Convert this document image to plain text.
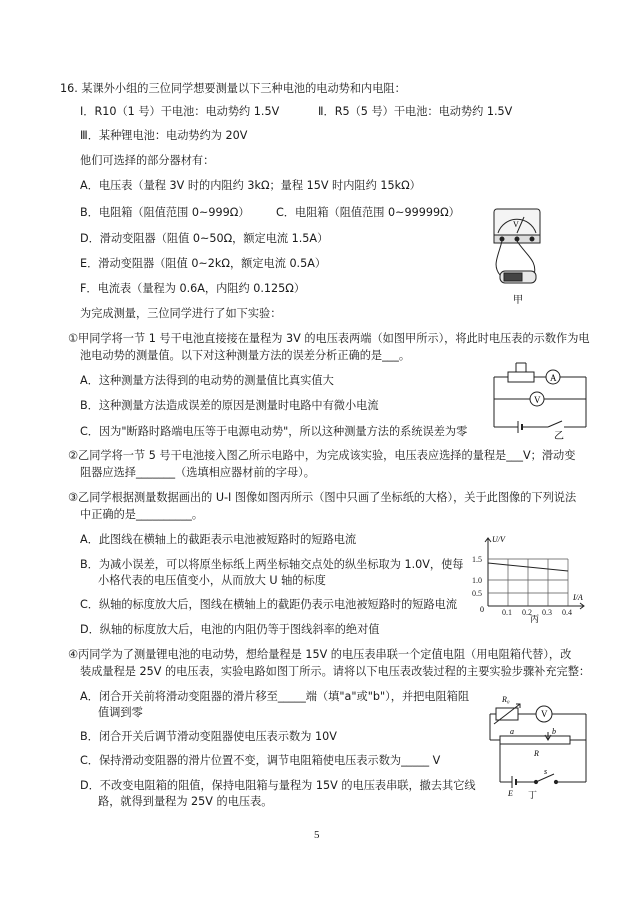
16. 某课外小组的三位同学想要测量以下三种电池的电动势和内电阻：
Ⅰ．R10（1 号）干电池：电动势约 1.5V	Ⅱ．R5（5 号）干电池：电动势约 1.5V
Ⅲ．某种锂电池：电动势约为 20V
他们可选择的部分器材有：
A．电压表（量程 3V 时的内阻约 3kΩ；量程 15V 时内阻约 15kΩ）
B．电阻箱（阻值范围 0~999Ω） C．电阻箱（阻值范围 0~99999Ω）
D．滑动变阻器（阻值 0~50Ω，额定电流 1.5A）
E．滑动变阻器（阻值 0~2kΩ，额定电流 0.5A）
F．电流表（量程为 0.6A，内阻约 0.125Ω）
为完成测量，三位同学进行了如下实验：
①甲同学将一节 1 号干电池直接接在量程为 3V 的电压表两端（如图甲所示），将此时电压表的示数作为电
池电动势的测量值。以下对这种测量方法的误差分析正确的是___。
A．这种测量方法得到的电动势的测量值比真实值大
B．这种测量方法造成误差的原因是测量时电路中有微小电流
C．因为"断路时路端电压等于电源电动势"，所以这种测量方法的系统误差为零
②乙同学将一节 5 号干电池接入图乙所示电路中，为完成该实验，电压表应选择的量程是___V；滑动变
阻器应选择_______（选填相应器材前的字母）。
③乙同学根据测量数据画出的 U-I 图像如图丙所示（图中只画了坐标纸的大格），关于此图像的下列说法
中正确的是__________。
A．此图线在横轴上的截距表示电池被短路时的短路电流
B．为减小误差，可以将原坐标纸上两坐标轴交点处的纵坐标取为 1.0V，使每
小格代表的电压值变小，从而放大 U 轴的标度
C．纵轴的标度放大后，图线在横轴上的截距仍表示电池被短路时的短路电流
D．纵轴的标度放大后，电池的内阻仍等于图线斜率的绝对值
④丙同学为了测量锂电池的电动势，想给量程是 15V 的电压表串联一个定值电阻（用电阻箱代替），改
装成量程是 25V 的电压表，实验电路如图丁所示。请将以下电压表改装过程的主要实验步骤补充完整：
A．闭合开关前将滑动变阻器的滑片移至_____端（填"a"或"b"），并把电阻箱阻
值调到零
B．闭合开关后调节滑动变阻器使电压表示数为 10V
C．保持滑动变阻器的滑片位置不变，调节电阻箱使电压表示数为_____ V
D．不改变电阻箱的阻值，保持电阻箱与量程为 15V 的电压表串联，撤去其它线
路，就得到量程为 25V 的电压表。
5
V
甲
A
V
乙
1.5
1.0
0.5
0.1 0.2 0.3 0.4
U/V
I/A
0
丙
R₀
V
a	b
R
E
s
丁
